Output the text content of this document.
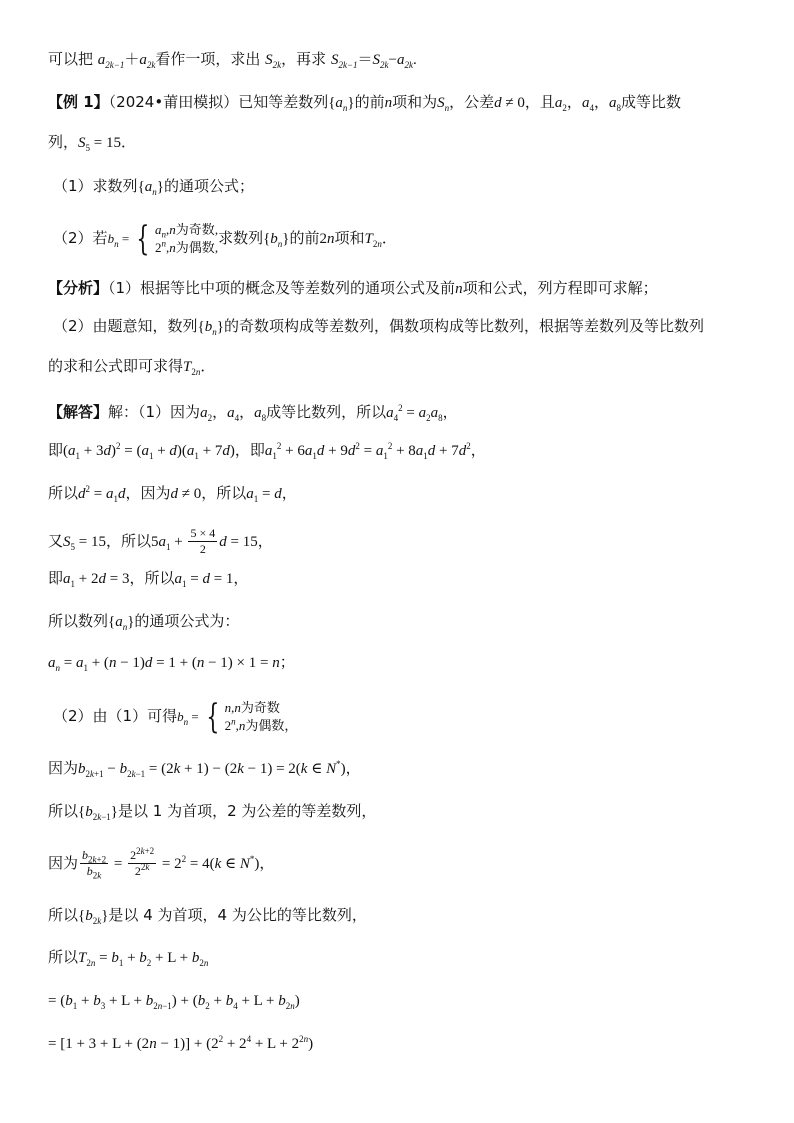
可以把 $a_{2k-1}+a_{2k}$看作一项，求出 $S_{2k}$，再求 $S_{2k-1}=S_{2k}-a_{2k}$.
【例 1】（2024•莆田模拟）已知等差数列$\{a_n\}$的前n项和为$S_n$，公差d ≠ 0，且$a_2$，$a_4$，$a_8$成等比数
列，$S_5 = 15$．
（1）求数列$\{a_n\}$的通项公式；
（2）若$b_n$ = { $a_n,n$为奇数,
2$^n$,n为偶数, 求数列$\{b_n\}$的前2n项和$T_{2n}$．
【分析】（1）根据等比中项的概念及等差数列的通项公式及前n项和公式，列方程即可求解；
（2）由题意知，数列$\{b_n\}$的奇数项构成等差数列，偶数项构成等比数列，根据等差数列及等比数列
的求和公式即可求得$T_{2n}$．
【解答】解：（1）因为$a_2$，$a_4$，$a_8$成等比数列，所以$a_4^2 = a_2a_8$，
即$(a_1 + 3d)^2 = (a_1 + d)(a_1 + 7d)$，即$a_1^2 + 6a_1d + 9d^2 = a_1^2 + 8a_1d + 7d^2$，
所以$d^2 = a_1d$，因为d ≠ 0，所以$a_1 = d$，
又$S_5 = 15$，所以$5a_1 + \frac{5 \times 4}{2}$ d = 15，
即$a_1 + 2d = 3$，所以$a_1 = d = 1$，
所以数列$\{a_n\}$的通项公式为：
$a_n = a_1 + (n - 1)d = 1 + (n - 1) \times 1 = n$；
（2）由（1）可得$b_n$ = { n,n为奇数
2$^n$,n为偶数，
因为$b_{2k+1} - b_{2k-1} = (2k + 1) - (2k - 1) = 2(k$ ∈ N*)，
所以$\{b_{2k-1}\}$是以 1 为首项，2 为公差的等差数列，
因为 $\frac{b_{2k+2}}{b_{2k}} = \frac{2^{2k+2}}{2^{2k}} = 2^2 = 4(k$ ∈ N*)，
所以$\{b_{2k}\}$是以 4 为首项，4 为公比的等比数列，
所以$T_{2n} = b_1 + b_2 + L + b_{2n}$
= $(b_1 + b_3 + L + b_{2n-1}) + (b_2 + b_4 + L + b_{2n})$
= $[1 + 3 + L + (2n - 1)] + (2^2 + 2^4 + L + 2^{2n})$
